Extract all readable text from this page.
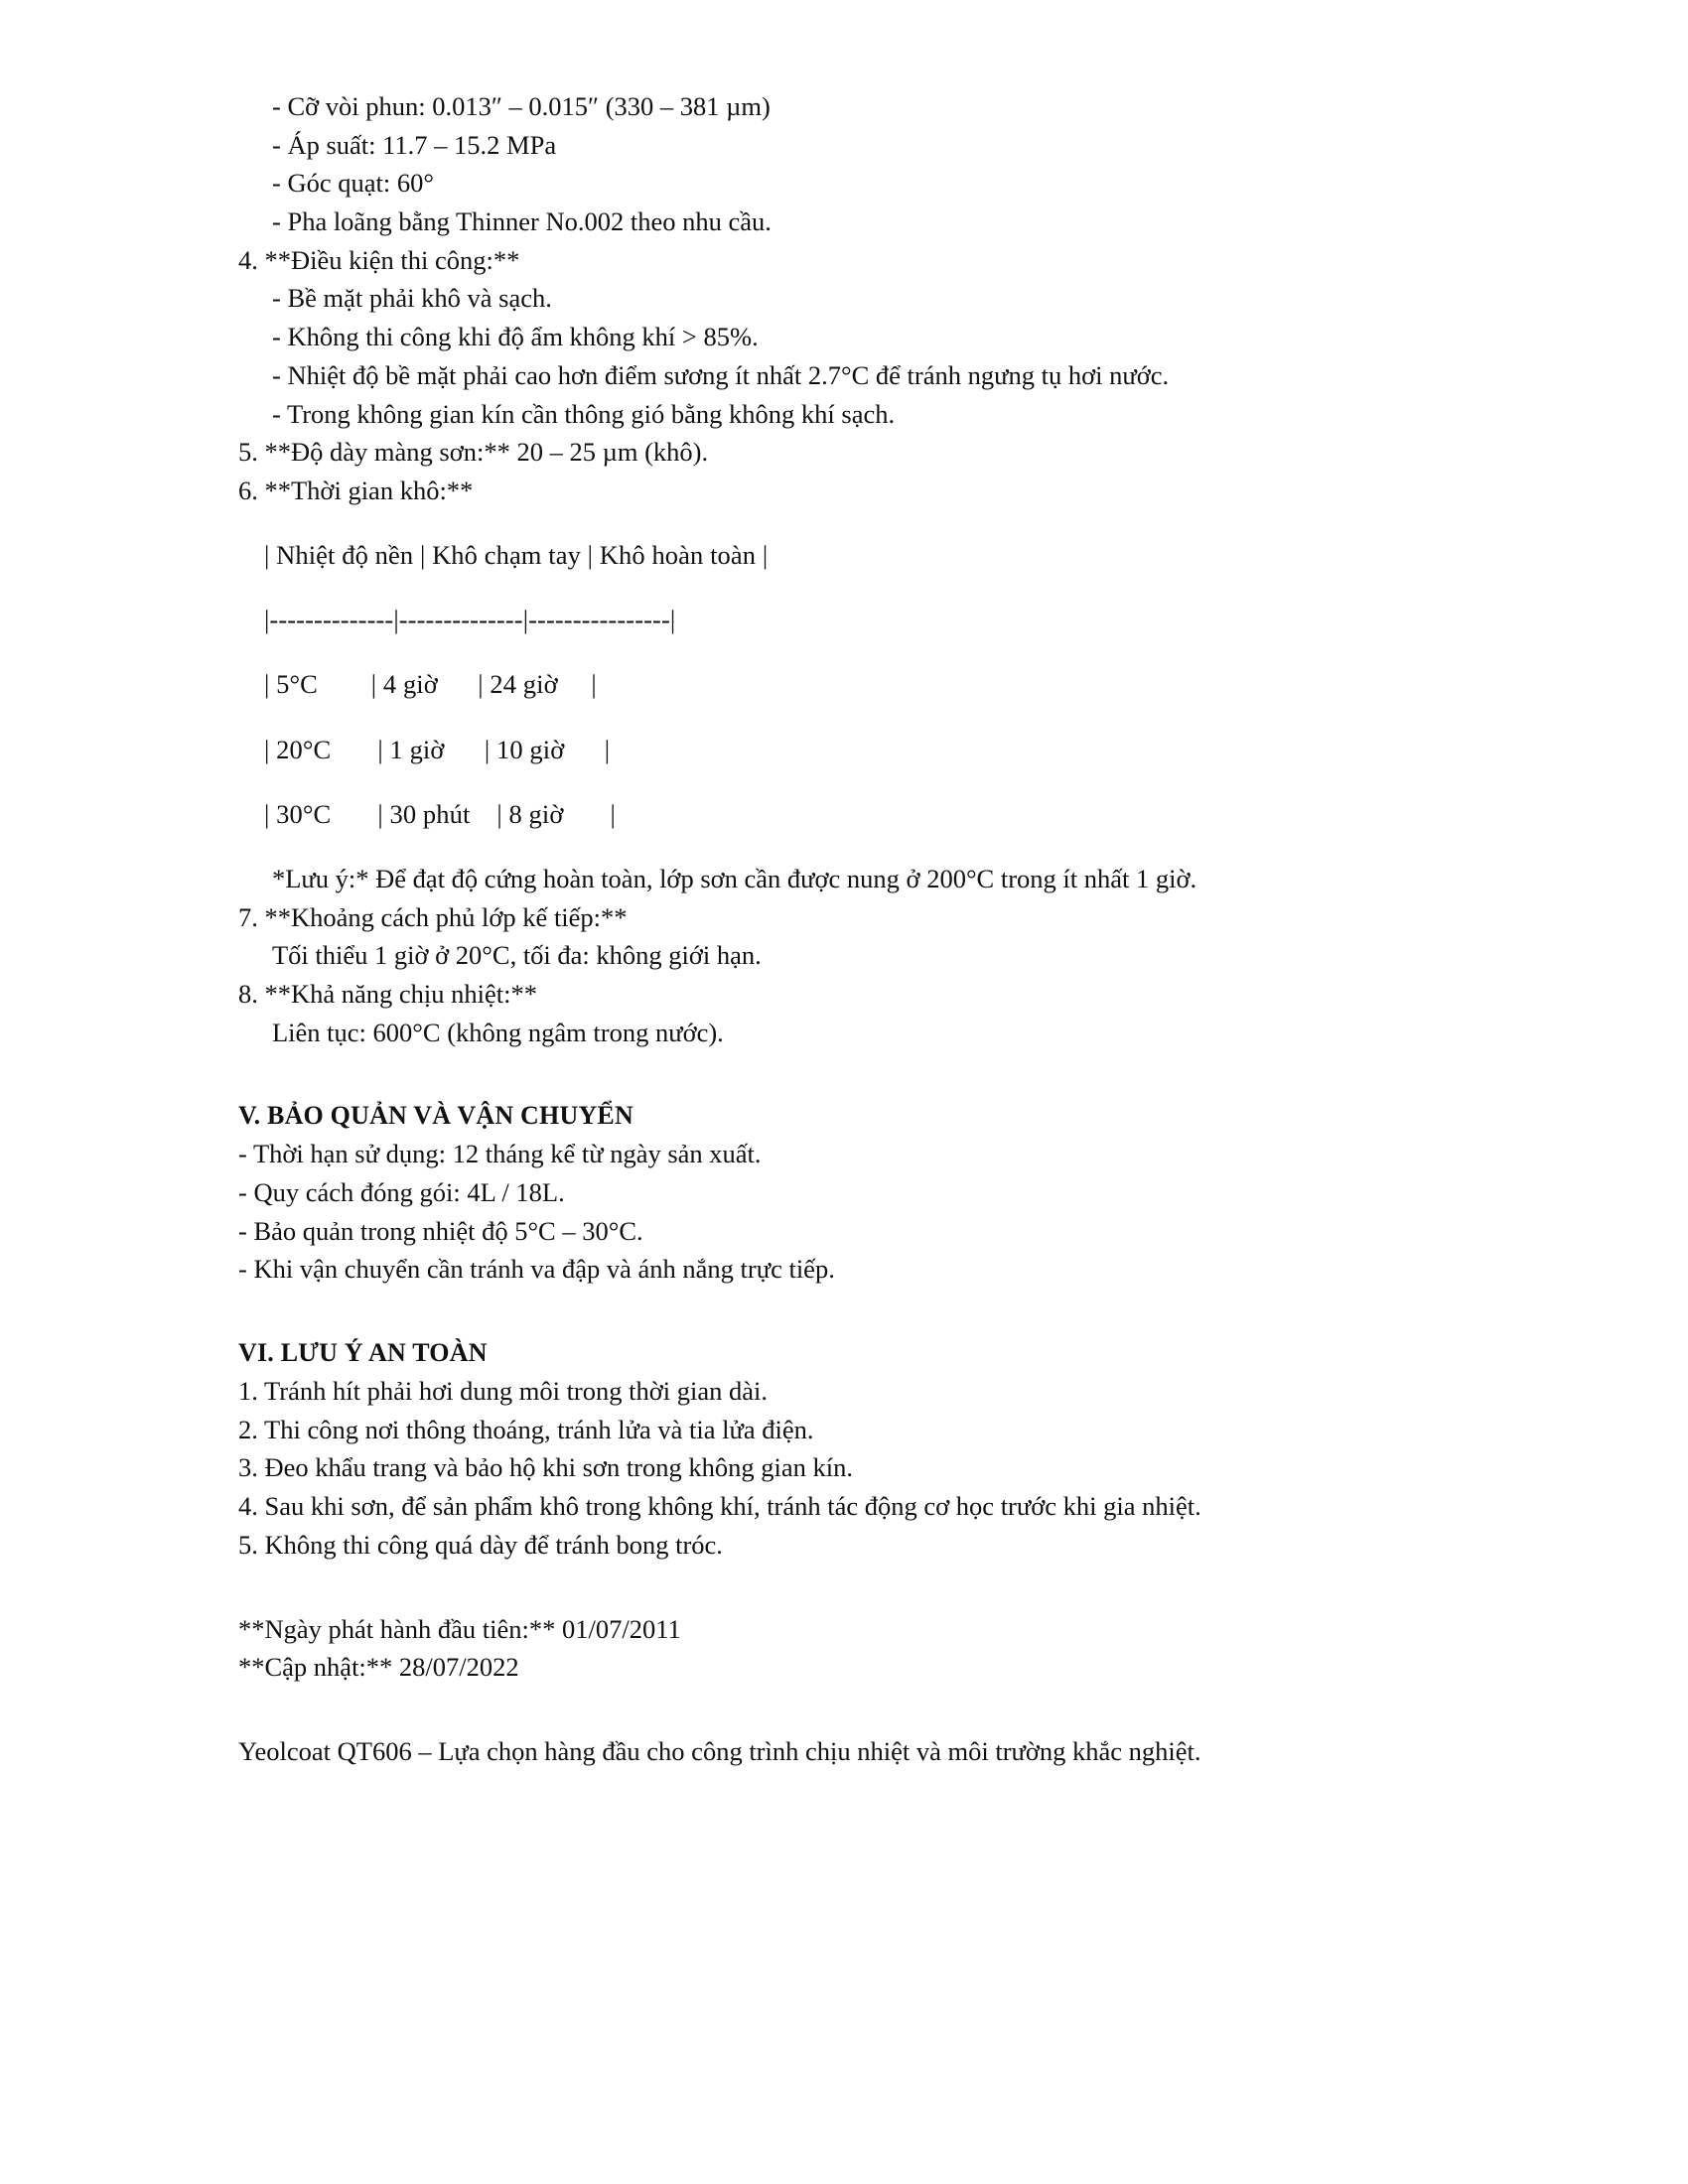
- Cỡ vòi phun: 0.013″ – 0.015″ (330 – 381 µm)

- Áp suất: 11.7 – 15.2 MPa

- Góc quạt: 60°

- Pha loãng bằng Thinner No.002 theo nhu cầu.

4. **Điều kiện thi công:**

- Bề mặt phải khô và sạch.

- Không thi công khi độ ẩm không khí > 85%.

- Nhiệt độ bề mặt phải cao hơn điểm sương ít nhất 2.7°C để tránh ngưng tụ hơi nước.

- Trong không gian kín cần thông gió bằng không khí sạch.

5. **Độ dày màng sơn:** 20 – 25 µm (khô).

6. **Thời gian khô:**

| Nhiệt độ nền | Khô chạm tay | Khô hoàn toàn |

|--------------|--------------|----------------|

| 5°C        | 4 giờ      | 24 giờ     |

| 20°C       | 1 giờ      | 10 giờ      |

| 30°C       | 30 phút    | 8 giờ       |

*Lưu ý:* Để đạt độ cứng hoàn toàn, lớp sơn cần được nung ở 200°C trong ít nhất 1 giờ.

7. **Khoảng cách phủ lớp kế tiếp:**

Tối thiểu 1 giờ ở 20°C, tối đa: không giới hạn.

8. **Khả năng chịu nhiệt:**

Liên tục: 600°C (không ngâm trong nước).

V. BẢO QUẢN VÀ VẬN CHUYỂN

- Thời hạn sử dụng: 12 tháng kể từ ngày sản xuất.

- Quy cách đóng gói: 4L / 18L.

- Bảo quản trong nhiệt độ 5°C – 30°C.

- Khi vận chuyển cần tránh va đập và ánh nắng trực tiếp.

VI. LƯU Ý AN TOÀN

1. Tránh hít phải hơi dung môi trong thời gian dài.

2. Thi công nơi thông thoáng, tránh lửa và tia lửa điện.

3. Đeo khẩu trang và bảo hộ khi sơn trong không gian kín.

4. Sau khi sơn, để sản phẩm khô trong không khí, tránh tác động cơ học trước khi gia nhiệt.

5. Không thi công quá dày để tránh bong tróc.

**Ngày phát hành đầu tiên:** 01/07/2011

**Cập nhật:** 28/07/2022

Yeolcoat QT606 – Lựa chọn hàng đầu cho công trình chịu nhiệt và môi trường khắc nghiệt.
